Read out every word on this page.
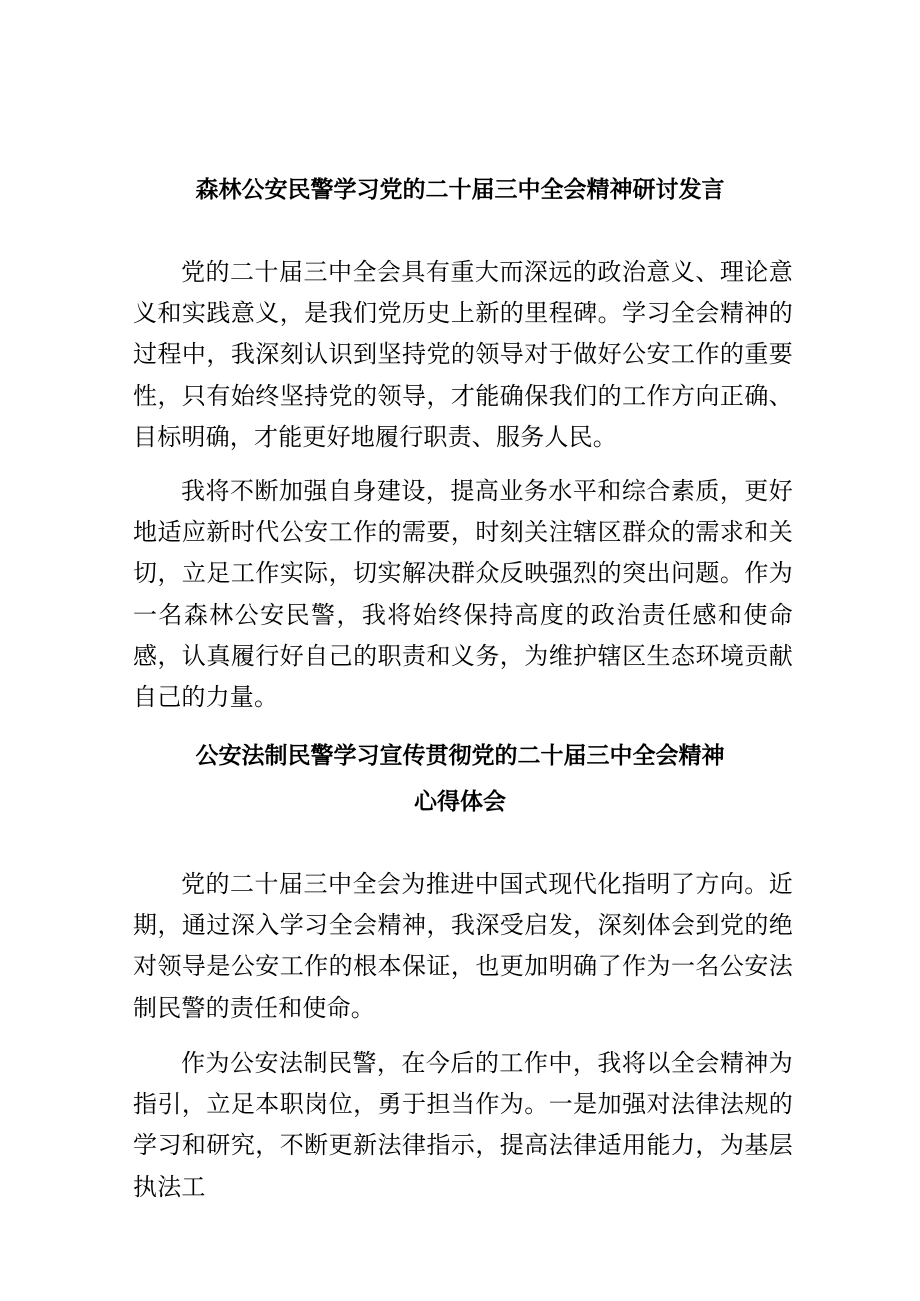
森林公安民警学习党的二十届三中全会精神研讨发言

党的二十届三中全会具有重大而深远的政治意义、理论意义和实践意义，是我们党历史上新的里程碑。学习全会精神的过程中，我深刻认识到坚持党的领导对于做好公安工作的重要性，只有始终坚持党的领导，才能确保我们的工作方向正确、目标明确，才能更好地履行职责、服务人民。

我将不断加强自身建设，提高业务水平和综合素质，更好地适应新时代公安工作的需要，时刻关注辖区群众的需求和关切，立足工作实际，切实解决群众反映强烈的突出问题。作为一名森林公安民警，我将始终保持高度的政治责任感和使命感，认真履行好自己的职责和义务，为维护辖区生态环境贡献自己的力量。

公安法制民警学习宣传贯彻党的二十届三中全会精神
心得体会

党的二十届三中全会为推进中国式现代化指明了方向。近期，通过深入学习全会精神，我深受启发，深刻体会到党的绝对领导是公安工作的根本保证，也更加明确了作为一名公安法制民警的责任和使命。

作为公安法制民警，在今后的工作中，我将以全会精神为指引，立足本职岗位，勇于担当作为。一是加强对法律法规的学习和研究，不断更新法律指示，提高法律适用能力，为基层执法工
